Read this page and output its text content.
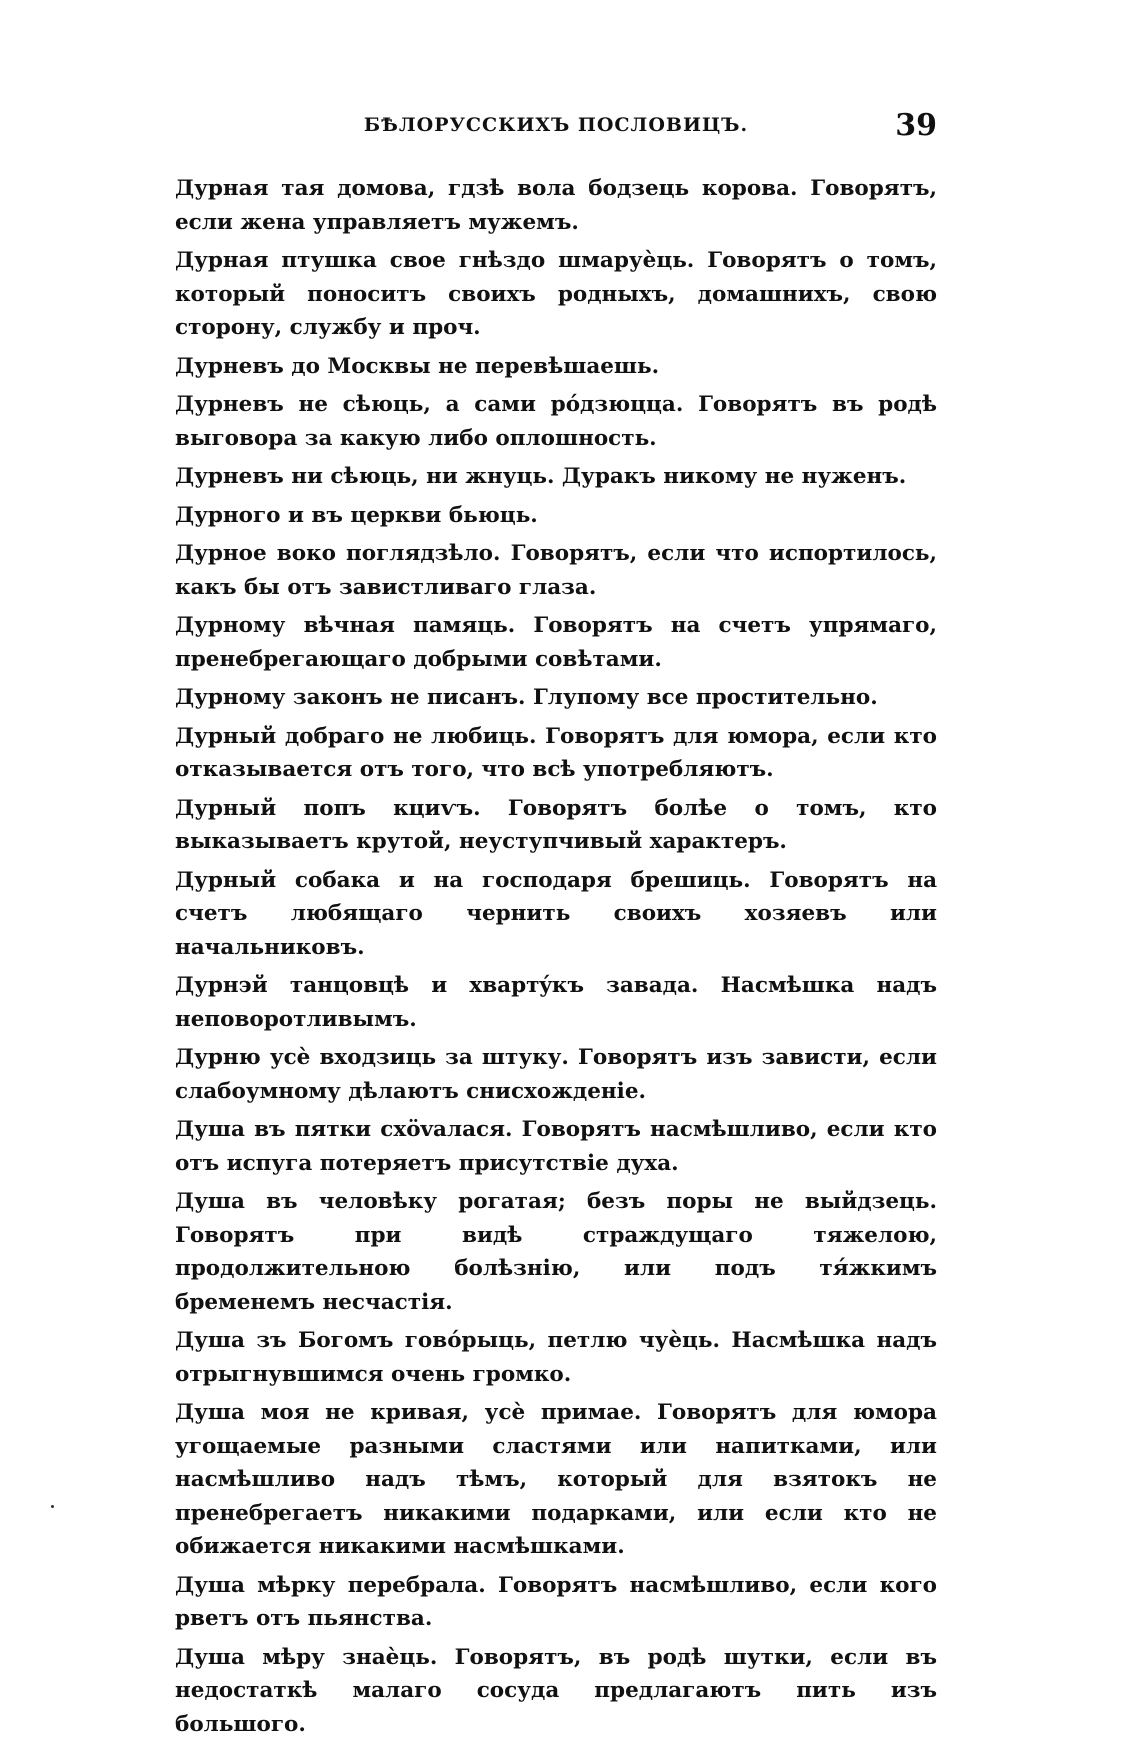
БѢЛОРУССКИХЪ ПОСЛОВИЦЪ.	39

Дурная тая домова, гдзѣ вола бодзець корова. Говорятъ, если жена управляетъ мужемъ.

Дурная птушка свое гнѣздо шмаруѐць. Говорятъ о томъ, который поноситъ своихъ родныхъ, домашнихъ, свою сторону, службу и проч.

Дурневъ до Москвы не перевѣшаешь.

Дурневъ не сѣюць, а сами рóдзюцца. Говорятъ въ родѣ выговора за какую либо оплошность.

Дурневъ ни сѣюць, ни жнуць. Дуракъ никому не нуженъ.

Дурного и въ церкви бьюць.

Дурное воко поглядзѣло. Говорятъ, если что испортилось, какъ бы отъ завистливаго глаза.

Дурному вѣчная памяць. Говорятъ на счетъ упрямаго, пренебрегающаго добрыми совѣтами.

Дурному законъ не писанъ. Глупому все простительно.

Дурный добраго не любиць. Говорятъ для юмора, если кто отказывается отъ того, что всѣ употребляютъ.

Дурный попъ кциѵъ. Говорятъ болѣе о томъ, кто выказываетъ крутой, неуступчивый характеръ.

Дурный собака и на господаря брешиць. Говорятъ на счетъ любящаго чернить своихъ хозяевъ или начальниковъ.

Дурнэй танцовцѣ и хвартýкъ завада. Насмѣшка надъ неповоротливымъ.

Дурню усѐ входзиць за штуку. Говорятъ изъ зависти, если слабоумному дѣлаютъ снисхожденіе.

Душа въ пятки схövалася. Говорятъ насмѣшливо, если кто отъ испуга потеряетъ присутствіе духа.

Душа въ человѣку рогатая; безъ поры не выйдзець. Говорятъ при видѣ страждущаго тяжелою, продолжительною болѣзнію, или подъ тя́жкимъ бременемъ несчастія.

Душа зъ Богомъ говóрыць, петлю чуѐць. Насмѣшка надъ отрыгнувшимся очень громко.

Душа моя не кривая, усѐ примае. Говорятъ для юмора угощаемые разными сластями или напитками, или насмѣшливо надъ тѣмъ, который для взятокъ не пренебрегаетъ никакими подарками, или если кто не обижается никакими насмѣшками.

Душа мѣрку перебрала. Говорятъ насмѣшливо, если кого рветъ отъ пьянства.

Душа мѣру знаѐць. Говорятъ, въ родѣ шутки, если въ недостаткѣ малаго сосуда предлагаютъ пить изъ большого.
